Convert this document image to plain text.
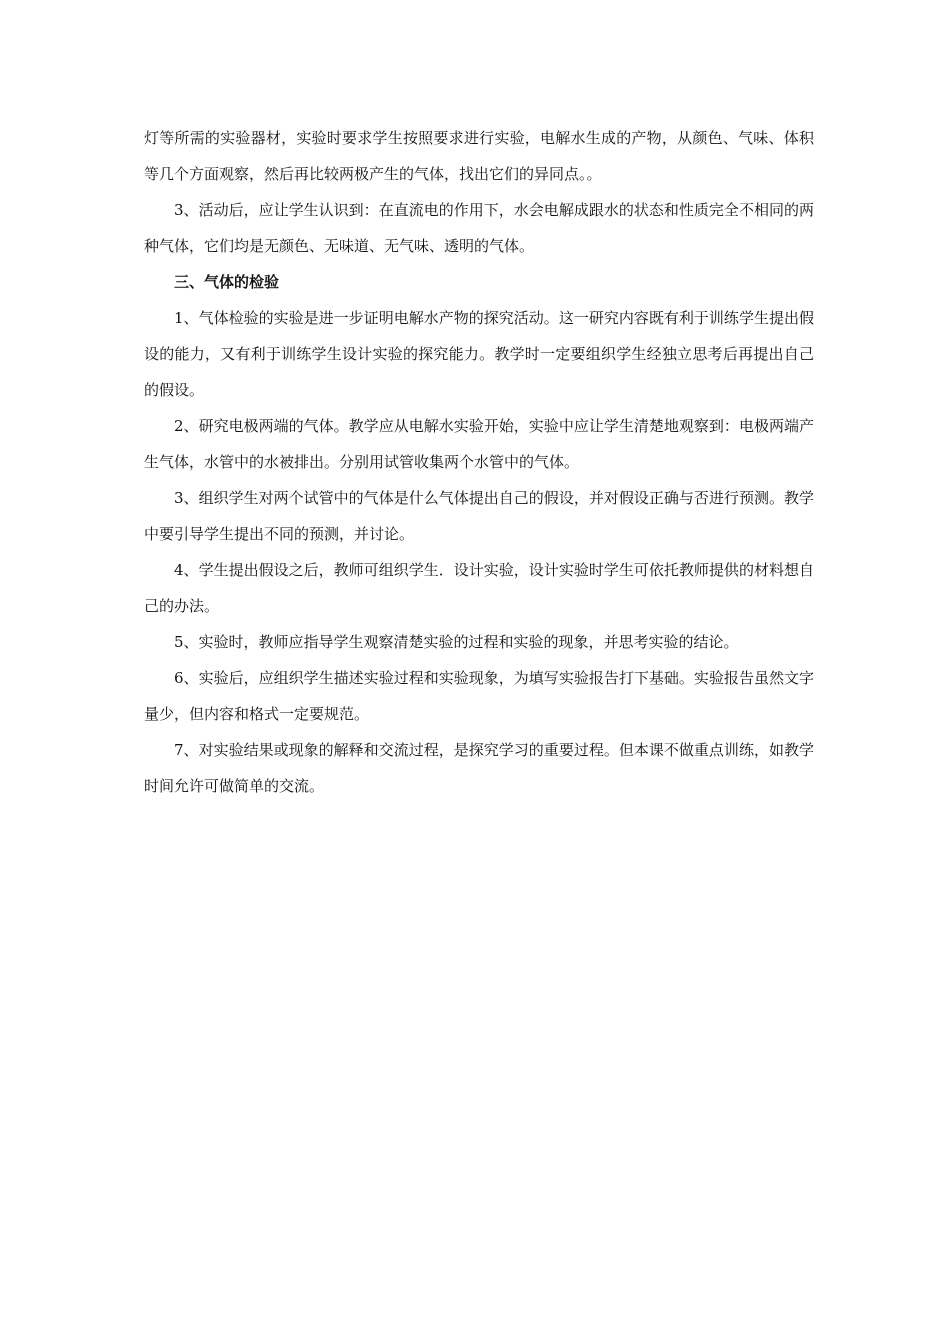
灯等所需的实验器材，实验时要求学生按照要求进行实验，电解水生成的产物，从颜色、气味、体积等几个方面观察，然后再比较两极产生的气体，找出它们的异同点。。

3、活动后，应让学生认识到：在直流电的作用下，水会电解成跟水的状态和性质完全不相同的两种气体，它们均是无颜色、无味道、无气味、透明的气体。

三、气体的检验

1、气体检验的实验是进一步证明电解水产物的探究活动。这一研究内容既有利于训练学生提出假设的能力，又有利于训练学生设计实验的探究能力。教学时一定要组织学生经独立思考后再提出自己的假设。

2、研究电极两端的气体。教学应从电解水实验开始，实验中应让学生清楚地观察到：电极两端产生气体，水管中的水被排出。分别用试管收集两个水管中的气体。

3、组织学生对两个试管中的气体是什么气体提出自己的假设，并对假设正确与否进行预测。教学中要引导学生提出不同的预测，并讨论。

4、学生提出假设之后，教师可组织学生．设计实验，设计实验时学生可依托教师提供的材料想自己的办法。

5、实验时，教师应指导学生观察清楚实验的过程和实验的现象，并思考实验的结论。

6、实验后，应组织学生描述实验过程和实验现象，为填写实验报告打下基础。实验报告虽然文字量少，但内容和格式一定要规范。

7、对实验结果或现象的解释和交流过程，是探究学习的重要过程。但本课不做重点训练，如教学时间允许可做简单的交流。
